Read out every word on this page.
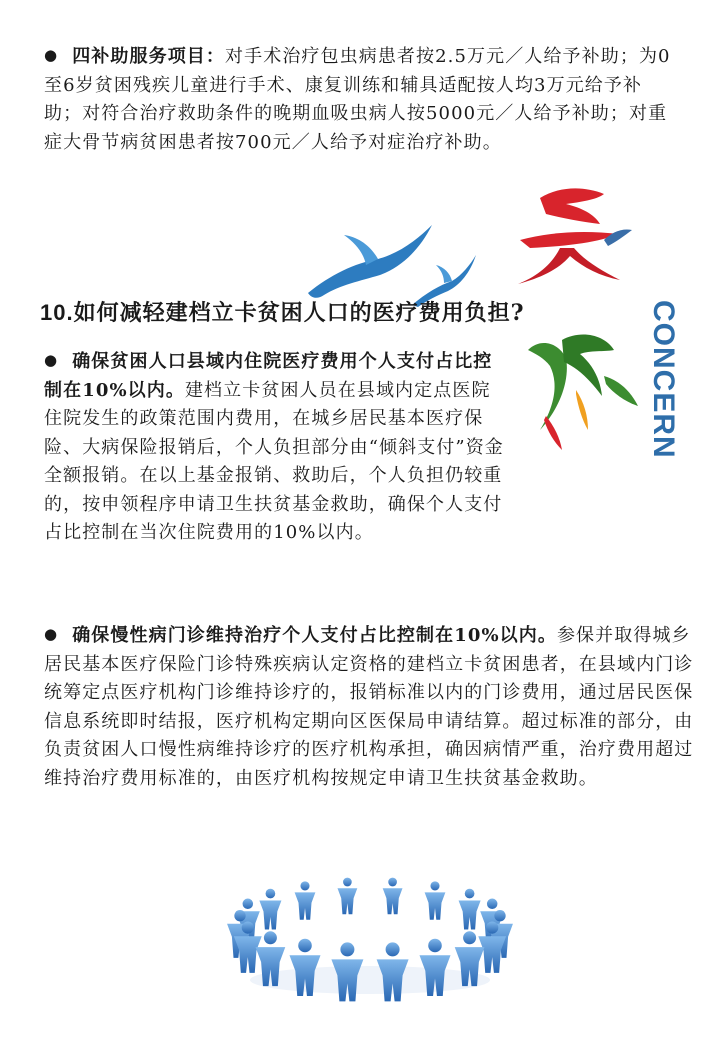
● 四补助服务项目：对手术治疗包虫病患者按2.5万元／人给予补助；为0至6岁贫困残疾儿童进行手术、康复训练和辅具适配按人均3万元给予补助；对符合治疗救助条件的晚期血吸虫病人按5000元／人给予补助；对重症大骨节病贫困患者按700元／人给予对症治疗补助。
10.如何减轻建档立卡贫困人口的医疗费用负担?	CONCERN
● 确保贫困人口县域内住院医疗费用个人支付占比控制在10%以内。建档立卡贫困人员在县域内定点医院住院发生的政策范围内费用，在城乡居民基本医疗保险、大病保险报销后，个人负担部分由“倾斜支付”资金全额报销。在以上基金报销、救助后，个人负担仍较重的，按申领程序申请卫生扶贫基金救助，确保个人支付占比控制在当次住院费用的10%以内。
● 确保慢性病门诊维持治疗个人支付占比控制在10%以内。参保并取得城乡居民基本医疗保险门诊特殊疾病认定资格的建档立卡贫困患者，在县域内门诊统筹定点医疗机构门诊维持诊疗的，报销标准以内的门诊费用，通过居民医保信息系统即时结报，医疗机构定期向区医保局申请结算。超过标准的部分，由负责贫困人口慢性病维持诊疗的医疗机构承担，确因病情严重，治疗费用超过维持治疗费用标准的，由医疗机构按规定申请卫生扶贫基金救助。
